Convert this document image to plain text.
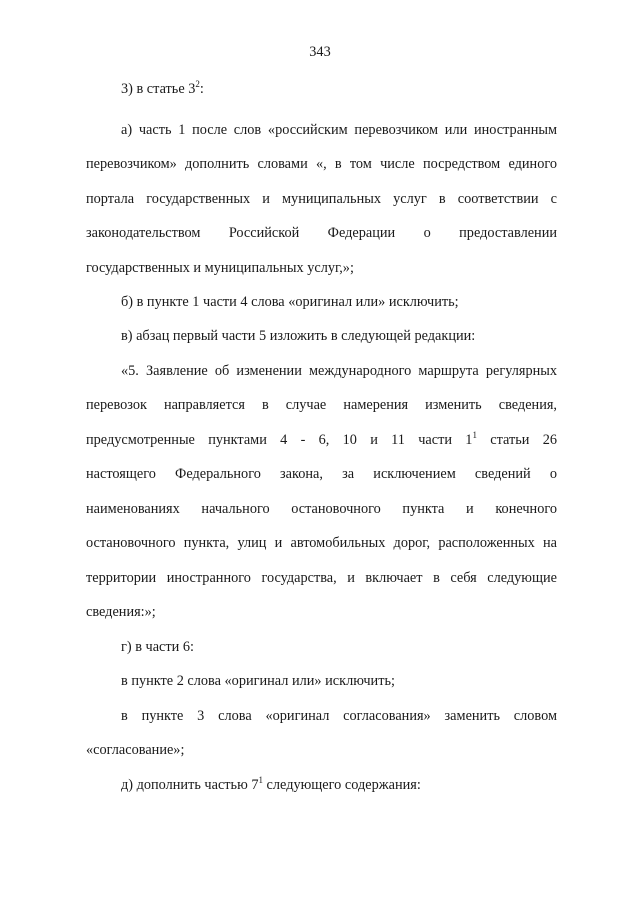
343
3) в статье $3^2$:
а) часть 1 после слов «российским перевозчиком или иностранным
перевозчиком» дополнить словами «, в том числе посредством единого
портала государственных и муниципальных услуг в соответствии с
законодательством Российской Федерации о предоставлении
государственных и муниципальных услуг,»;
б) в пункте 1 части 4 слова «оригинал или» исключить;
в) абзац первый части 5 изложить в следующей редакции:
«5. Заявление об изменении международного маршрута регулярных
перевозок направляется в случае намерения изменить сведения,
предусмотренные пунктами 4 - 6, 10 и 11 части $1^1$ статьи 26
настоящего Федерального закона, за исключением сведений о
наименованиях начального остановочного пункта и конечного
остановочного пункта, улиц и автомобильных дорог, расположенных на
территории иностранного государства, и включает в себя следующие
сведения:»;
г) в части 6:
в пункте 2 слова «оригинал или» исключить;
в пункте 3 слова «оригинал согласования» заменить словом
«согласование»;
д) дополнить частью $7^1$ следующего содержания:
